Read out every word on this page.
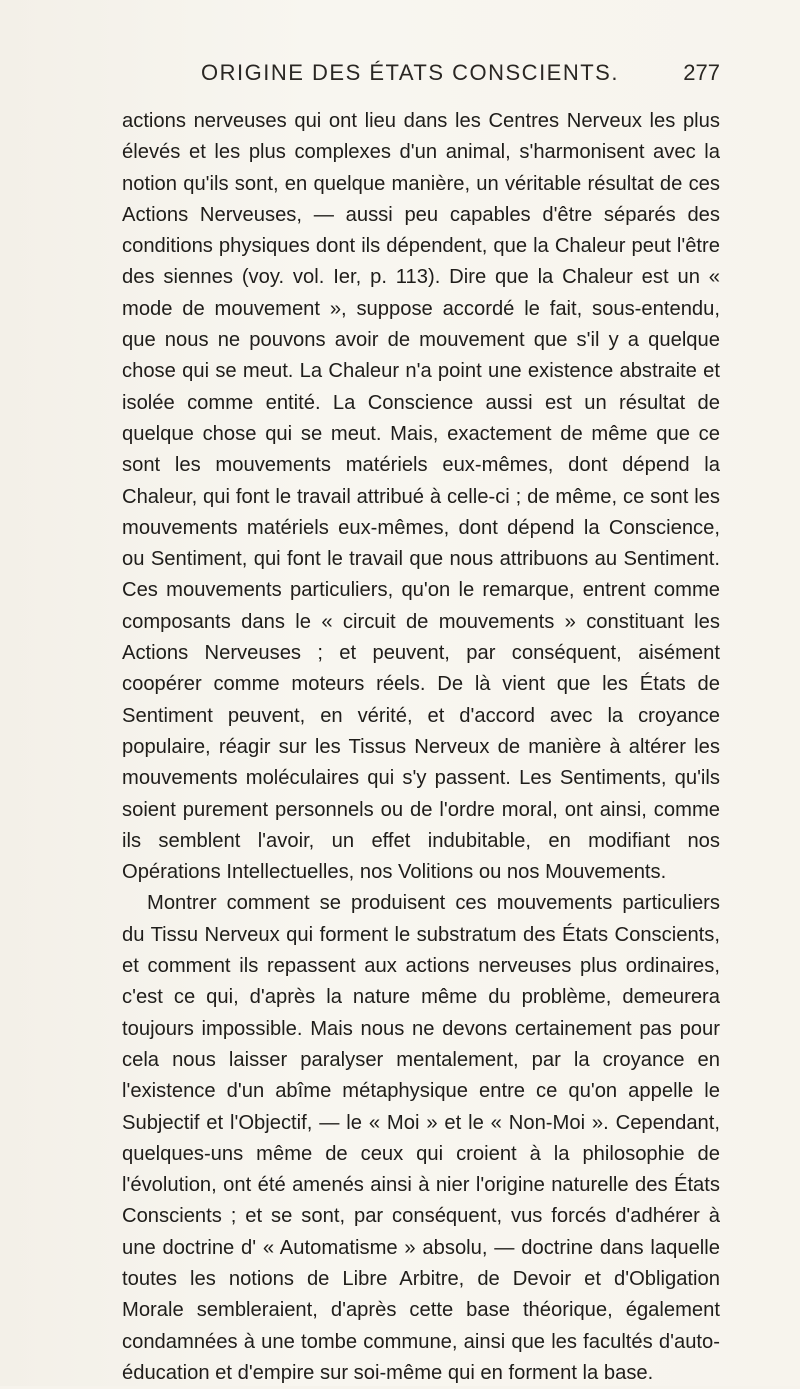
ORIGINE DES ÉTATS CONSCIENTS.	277

actions nerveuses qui ont lieu dans les Centres Nerveux les plus élevés et les plus complexes d'un animal, s'harmonisent avec la notion qu'ils sont, en quelque manière, un véritable résultat de ces Actions Nerveuses, — aussi peu capables d'être séparés des conditions physiques dont ils dépendent, que la Chaleur peut l'être des siennes (voy. vol. Ier, p. 113). Dire que la Chaleur est un « mode de mouvement », suppose accordé le fait, sous-entendu, que nous ne pouvons avoir de mouvement que s'il y a quelque chose qui se meut. La Chaleur n'a point une existence abstraite et isolée comme entité. La Conscience aussi est un résultat de quelque chose qui se meut. Mais, exactement de même que ce sont les mouvements matériels eux-mêmes, dont dépend la Chaleur, qui font le travail attribué à celle-ci ; de même, ce sont les mouvements matériels eux-mêmes, dont dépend la Conscience, ou Sentiment, qui font le travail que nous attribuons au Sentiment. Ces mouvements particuliers, qu'on le remarque, entrent comme composants dans le « circuit de mouvements » constituant les Actions Nerveuses ; et peuvent, par conséquent, aisément coopérer comme moteurs réels. De là vient que les États de Sentiment peuvent, en vérité, et d'accord avec la croyance populaire, réagir sur les Tissus Nerveux de manière à altérer les mouvements moléculaires qui s'y passent. Les Sentiments, qu'ils soient purement personnels ou de l'ordre moral, ont ainsi, comme ils semblent l'avoir, un effet indubitable, en modifiant nos Opérations Intellectuelles, nos Volitions ou nos Mouvements.

Montrer comment se produisent ces mouvements particuliers du Tissu Nerveux qui forment le substratum des États Conscients, et comment ils repassent aux actions nerveuses plus ordinaires, c'est ce qui, d'après la nature même du problème, demeurera toujours impossible. Mais nous ne devons certainement pas pour cela nous laisser paralyser mentalement, par la croyance en l'existence d'un abîme métaphysique entre ce qu'on appelle le Subjectif et l'Objectif, — le « Moi » et le « Non-Moi ». Cependant, quelques-uns même de ceux qui croient à la philosophie de l'évolution, ont été amenés ainsi à nier l'origine naturelle des États Conscients ; et se sont, par conséquent, vus forcés d'adhérer à une doctrine d' « Automatisme » absolu, — doctrine dans laquelle toutes les notions de Libre Arbitre, de Devoir et d'Obligation Morale sembleraient, d'après cette base théorique, également condamnées à une tombe commune, ainsi que les facultés d'auto-éducation et d'empire sur soi-même qui en forment la base.
